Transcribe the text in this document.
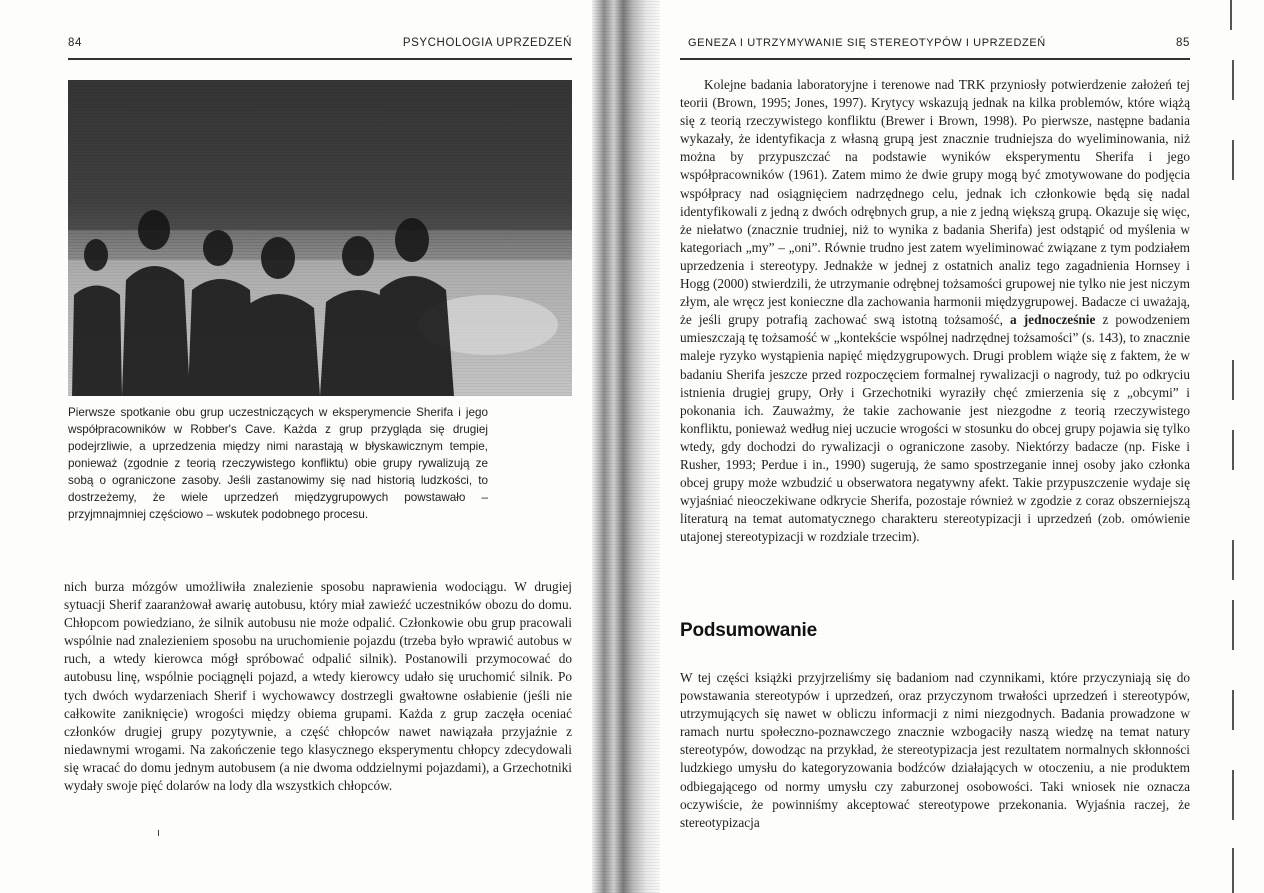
84	PSYCHOLOGIA UPRZEDZEŃ
Pierwsze spotkanie obu grup uczestniczących w eksperymencie Sherifa i jego współpracowników w Robber's Cave. Każda z grup przygląda się drugiej podejrzliwie, a uprzedzenia między nimi narastają w błyskawicznym tempie, ponieważ (zgodnie z teorią rzeczywistego konfliktu) obie grupy rywalizują ze sobą o ograniczone zasoby. Jeśli zastanowimy się nad historią ludzkości, to dostrzeżemy, że wiele uprzedzeń międzygrupowych powstawało – przyjmnajmniej częściowo – wskutek podobnego procesu.

nich burza mózgów umożliwiła znalezienie sposobu naprawienia wodociągu. W drugiej sytuacji Sherif zaaranżował awarię autobusu, który miał zawieźć uczestników obozu do domu. Chłopcom powiedziano, że silnik autobusu nie może odpalić. Członkowie obu grup pracowali wspólnie nad znalezieniem sposobu na uruchomienie pojazdu (trzeba było wprawić autobus w ruch, a wtedy kierowca mógł spróbować odpalić silnik). Postanowili przymocować do autobusu linę, wspólnie pociągnęli pojazd, a wtedy kierowcy udało się uruchomić silnik. Po tych dwóch wydarzeniach Sherif i wychowawcy dostrzegli gwałtowne osłabienie (jeśli nie całkowite zaniknięcie) wrogości między obiema grupami. Każda z grup zaczęła oceniać członków drugiej grupy pozytywnie, a część chłopców nawet nawiązała przyjaźnie z niedawnymi wrogami. Na zakończenie tego klasycznego eksperymentu chłopcy zdecydowali się wracać do domu jednym autobusem (a nie dwoma oddzielnymi pojazdami), a Grzechotniki wydały swoje pięć dolarów na lody dla wszystkich chłopców.

GENEZA I UTRZYMYWANIE SIĘ STEREOTYPÓW I UPRZEDZEŃ	85

Kolejne badania laboratoryjne i terenowe nad TRK przyniosły potwierdzenie założeń tej teorii (Brown, 1995; Jones, 1997). Krytycy wskazują jednak na kilka problemów, które wiążą się z teorią rzeczywistego konfliktu (Brewer i Brown, 1998). Po pierwsze, następne badania wykazały, że identyfikacja z własną grupą jest znacznie trudniejsza do wyeliminowania, niż można by przypuszczać na podstawie wyników eksperymentu Sherifa i jego współpracowników (1961). Zatem mimo że dwie grupy mogą być zmotywowane do podjęcia współpracy nad osiągnięciem nadrzędnego celu, jednak ich członkowie będą się nadal identyfikowali z jedną z dwóch odrębnych grup, a nie z jedną większą grupą. Okazuje się więc, że niełatwo (znacznie trudniej, niż to wynika z badania Sherifa) jest odstąpić od myślenia w kategoriach „my” – „oni”. Równie trudno jest zatem wyeliminować związane z tym podziałem uprzedzenia i stereotypy. Jednakże w jednej z ostatnich analiz tego zagadnienia Hornsey i Hogg (2000) stwierdzili, że utrzymanie odrębnej tożsamości grupowej nie tylko nie jest niczym złym, ale wręcz jest konieczne dla zachowania harmonii międzygrupowej. Badacze ci uważają, że jeśli grupy potrafią zachować swą istotną tożsamość, a jednocześnie z powodzeniem umieszczają tę tożsamość w „kontekście wspólnej nadrzędnej tożsamości” (s. 143), to znacznie maleje ryzyko wystąpienia napięć międzygrupowych. Drugi problem wiąże się z faktem, że w badaniu Sherifa jeszcze przed rozpoczęciem formalnej rywalizacji o nagrody, tuż po odkryciu istnienia drugiej grupy, Orły i Grzechotniki wyraziły chęć zmierzenia się z „obcymi” i pokonania ich. Zauważmy, że takie zachowanie jest niezgodne z teorią rzeczywistego konfliktu, ponieważ według niej uczucie wrogości w stosunku do obcej grupy pojawia się tylko wtedy, gdy dochodzi do rywalizacji o ograniczone zasoby. Niektórzy badacze (np. Fiske i Rusher, 1993; Perdue i in., 1990) sugerują, że samo spostrzeganie innej osoby jako członka obcej grupy może wzbudzić u obserwatora negatywny afekt. Takie przypuszczenie wydaje się wyjaśniać nieoczekiwane odkrycie Sherifa, pozostaje również w zgodzie z coraz obszerniejszą literaturą na temat automatycznego charakteru stereotypizacji i uprzedzeń (zob. omówienie utajonej stereotypizacji w rozdziale trzecim).

W tej części książki przyjrzeliśmy się badaniom nad czynnikami, które przyczyniają się do powstawania stereotypów i uprzedzeń, oraz przyczynom trwałości uprzedzeń i stereotypów, utrzymujących się nawet w obliczu informacji z nimi niezgodnych. Badania prowadzone w ramach nurtu społeczno-poznawczego znacznie wzbogaciły naszą wiedzę na temat natury stereotypów, dowodząc na przykład, że stereotypizacja jest rezultatem normalnych skłonności ludzkiego umysłu do kategoryzowania bodźców działających w otoczeniu, a nie produktem odbiegającego od normy umysłu czy zaburzonej osobowości. Taki wniosek nie oznacza oczywiście, że powinniśmy akceptować stereotypowe przekonania. Wyjaśnia raczej, że stereotypizacja

Podsumowanie
